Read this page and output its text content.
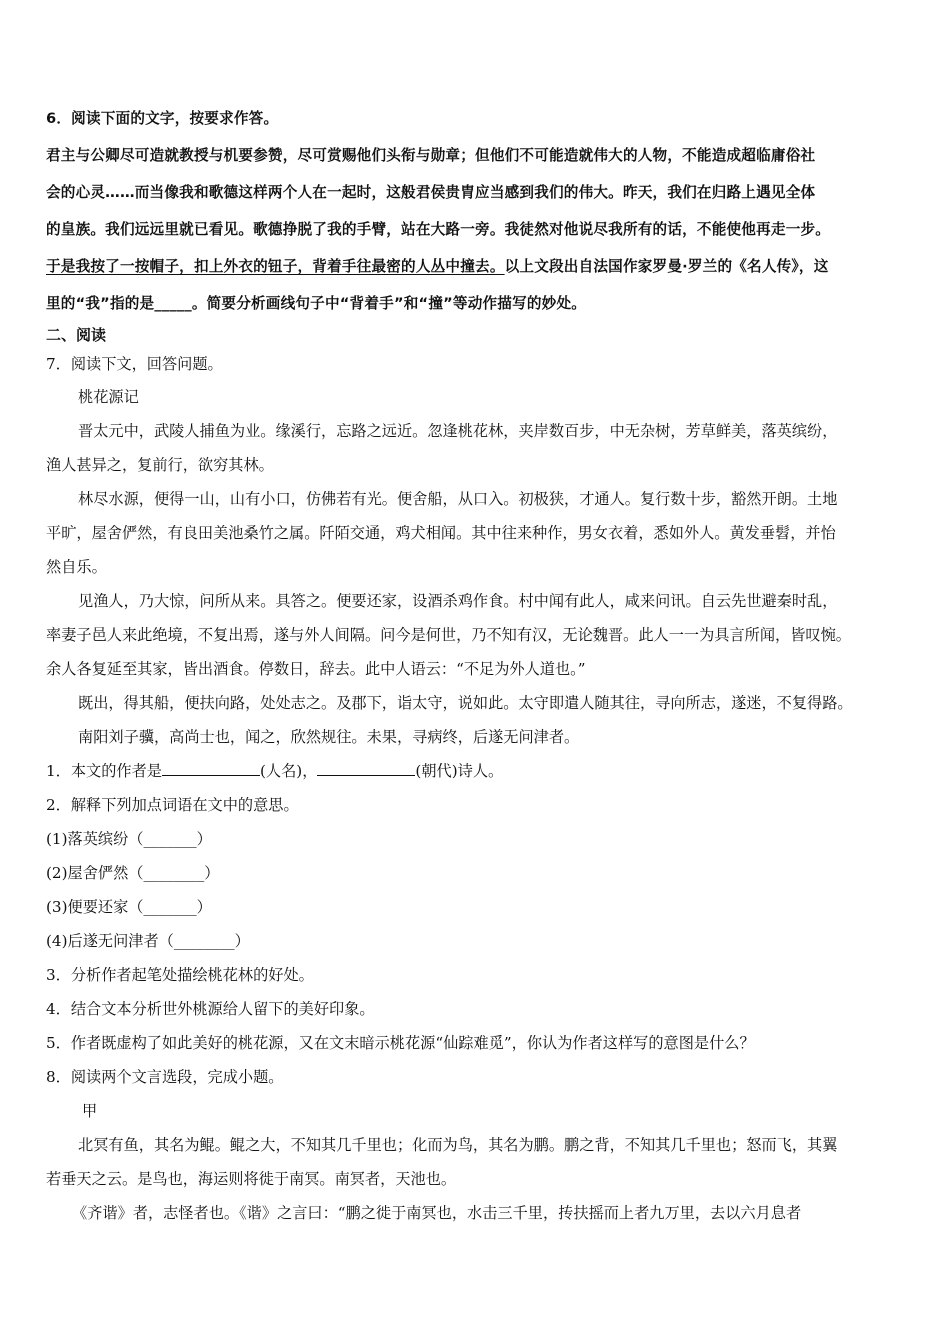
6．阅读下面的文字，按要求作答。
君主与公卿尽可造就教授与机要参赞，尽可赏赐他们头衔与勋章；但他们不可能造就伟大的人物，不能造成超临庸俗社
会的心灵……而当像我和歌德这样两个人在一起时，这般君侯贵胄应当感到我们的伟大。昨天，我们在归路上遇见全体
的皇族。我们远远里就已看见。歌德挣脱了我的手臂，站在大路一旁。我徒然对他说尽我所有的话，不能使他再走一步。
于是我按了一按帽子，扣上外衣的钮子，背着手往最密的人丛中撞去。以上文段出自法国作家罗曼·罗兰的《名人传》，这
里的“我”指的是_____。简要分析画线句子中“背着手”和“撞”等动作描写的妙处。
二、阅读
7．阅读下文，回答问题。
桃花源记
晋太元中，武陵人捕鱼为业。缘溪行，忘路之远近。忽逢桃花林，夹岸数百步，中无杂树，芳草鲜美，落英缤纷，
渔人甚异之，复前行，欲穷其林。
林尽水源，便得一山，山有小口，仿佛若有光。便舍船，从口入。初极狭，才通人。复行数十步，豁然开朗。土地
平旷，屋舍俨然，有良田美池桑竹之属。阡陌交通，鸡犬相闻。其中往来种作，男女衣着，悉如外人。黄发垂髫，并怡
然自乐。
见渔人，乃大惊，问所从来。具答之。便要还家，设酒杀鸡作食。村中闻有此人，咸来问讯。自云先世避秦时乱，
率妻子邑人来此绝境，不复出焉，遂与外人间隔。问今是何世，乃不知有汉，无论魏晋。此人一一为具言所闻，皆叹惋。
余人各复延至其家，皆出酒食。停数日，辞去。此中人语云：“不足为外人道也。”
既出，得其船，便扶向路，处处志之。及郡下，诣太守，说如此。太守即遣人随其往，寻向所志，遂迷，不复得路。
南阳刘子骥，高尚士也，闻之，欣然规往。未果，寻病终，后遂无问津者。
1．本文的作者是	(人名)，	(朝代)诗人。
2．解释下列加点词语在文中的意思。
(1)落英缤纷（_______）
(2)屋舍俨然（________）
(3)便要还家（_______）
(4)后遂无问津者（________）
3．分析作者起笔处描绘桃花林的好处。
4．结合文本分析世外桃源给人留下的美好印象。
5．作者既虚构了如此美好的桃花源，又在文末暗示桃花源“仙踪难觅”，你认为作者这样写的意图是什么？
8．阅读两个文言选段，完成小题。
甲
北冥有鱼，其名为鲲。鲲之大，不知其几千里也；化而为鸟，其名为鹏。鹏之背，不知其几千里也；怒而飞，其翼
若垂天之云。是鸟也，海运则将徙于南冥。南冥者，天池也。
《齐谐》者，志怪者也。《谐》之言曰：“鹏之徙于南冥也，水击三千里，抟扶摇而上者九万里，去以六月息者
